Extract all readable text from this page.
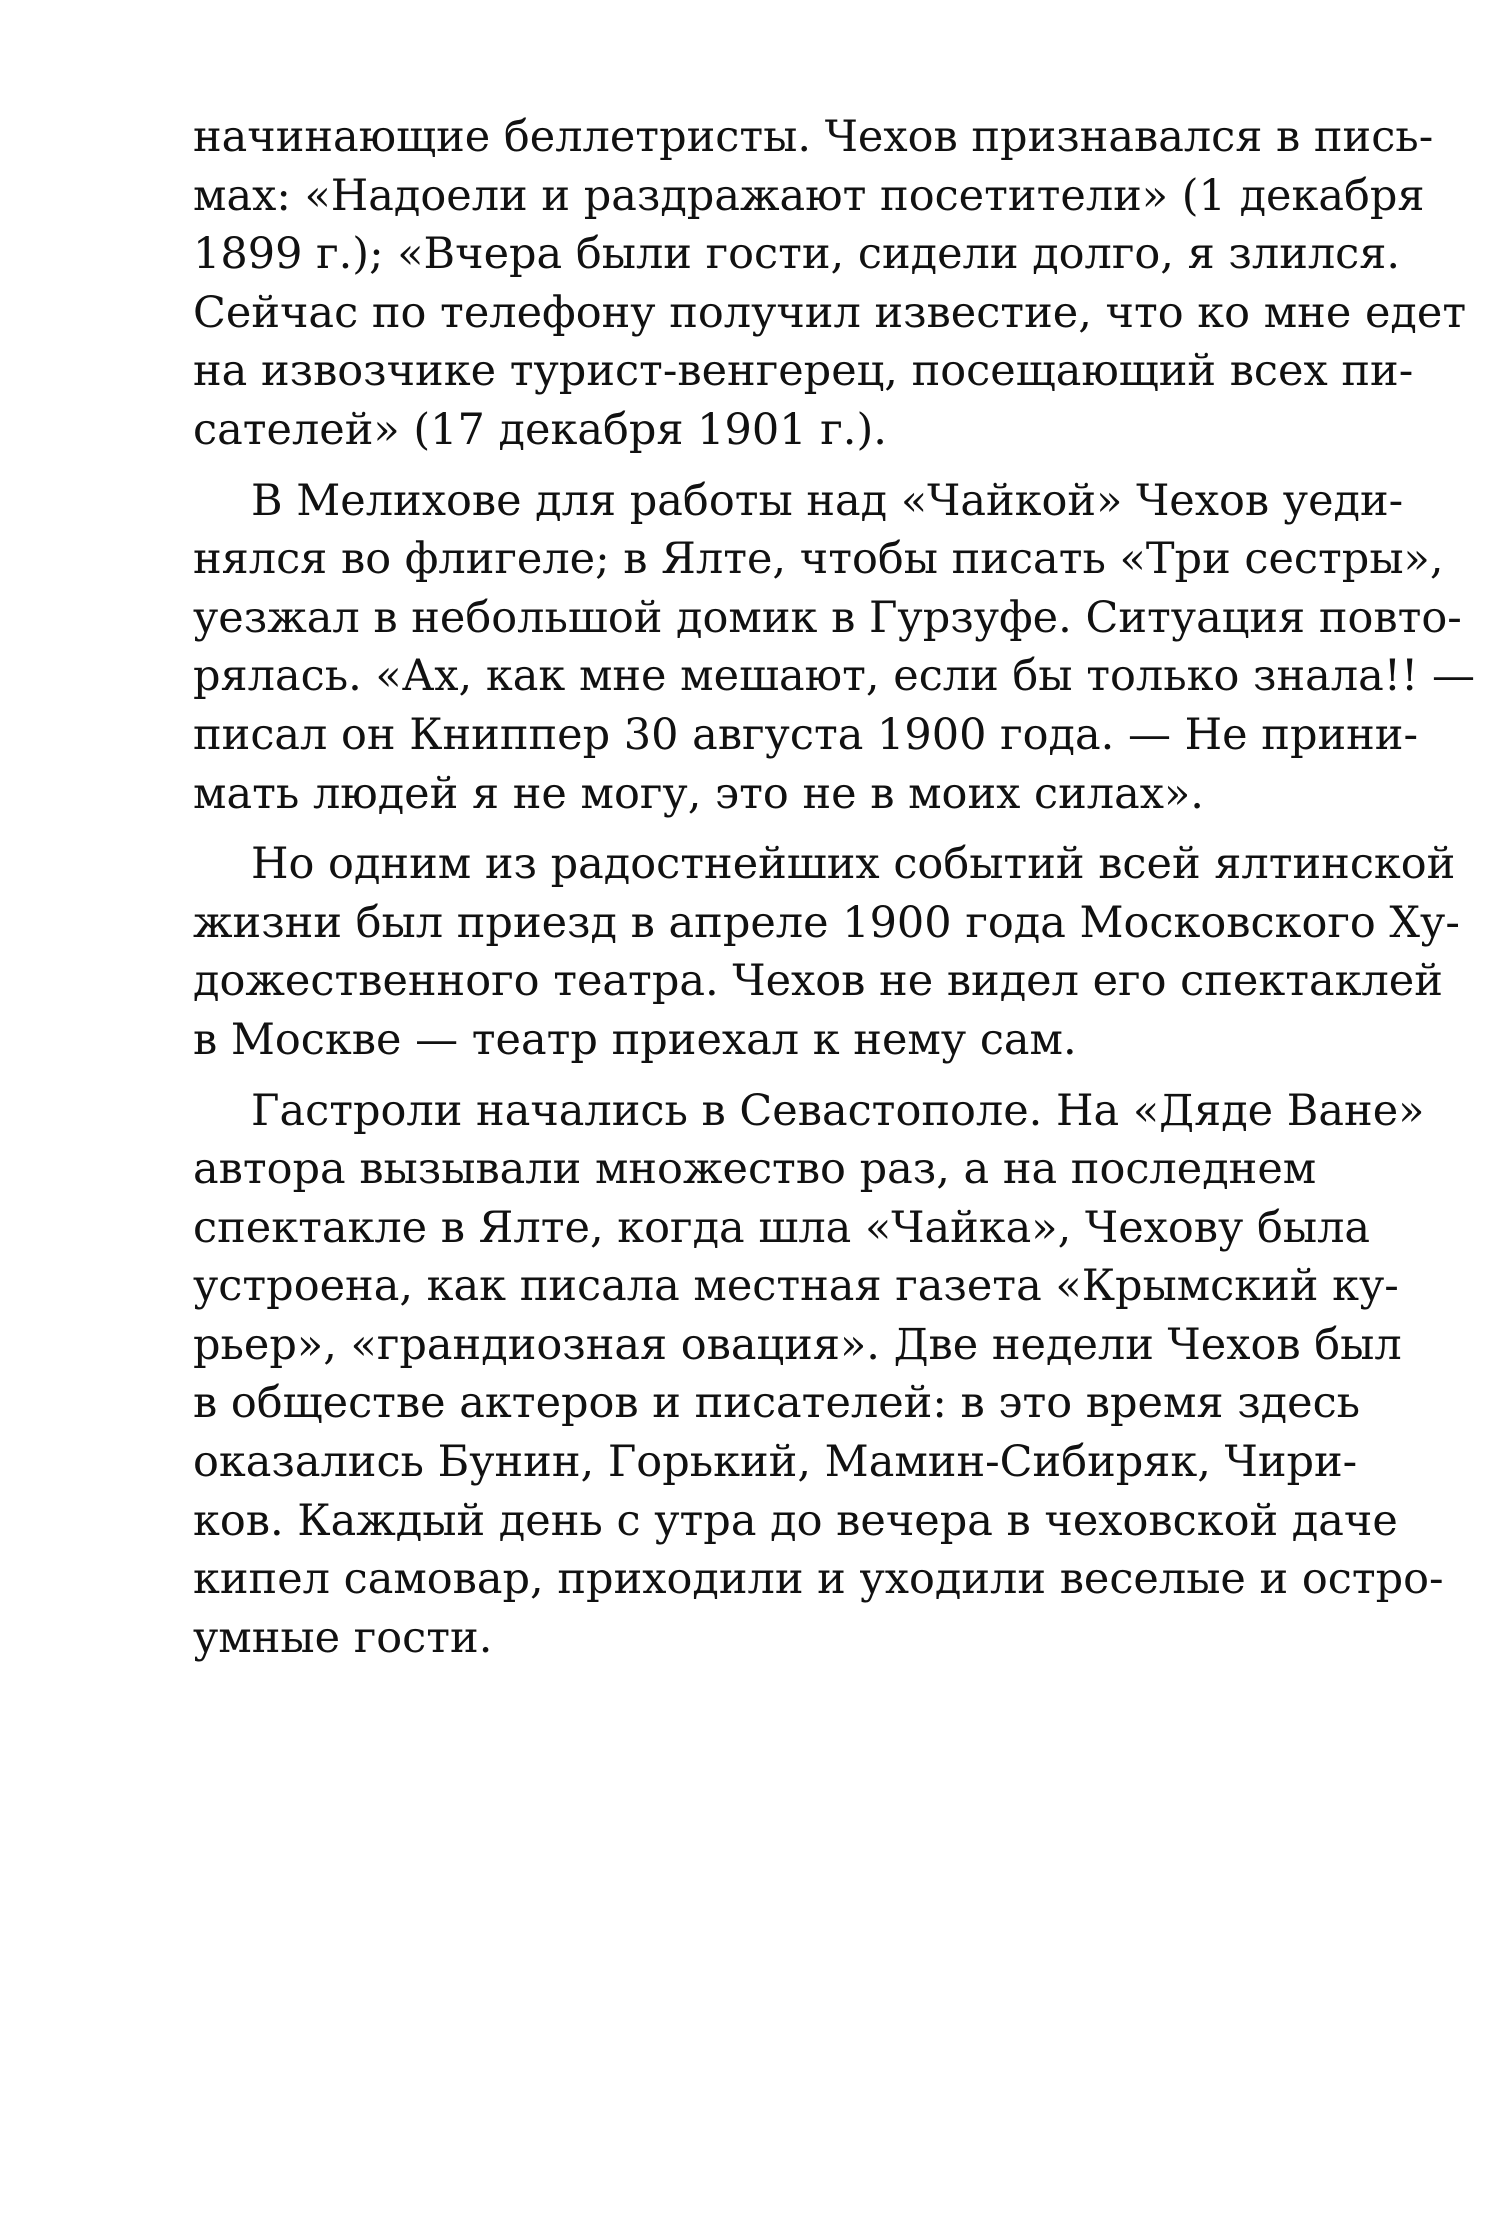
начинающие беллетристы. Чехов признавался в пись-
мах: «Надоели и раздражают посетители» (1 декабря
1899 г.); «Вчера были гости, сидели долго, я злился.
Сейчас по телефону получил известие, что ко мне едет
на извозчике турист-венгерец, посещающий всех пи-
сателей» (17 декабря 1901 г.).
В Мелихове для работы над «Чайкой» Чехов уеди-
нялся во флигеле; в Ялте, чтобы писать «Три сестры»,
уезжал в небольшой домик в Гурзуфе. Ситуация повто-
рялась. «Ах, как мне мешают, если бы только знала!! —
писал он Книппер 30 августа 1900 года. — Не прини-
мать людей я не могу, это не в моих силах».
Но одним из радостнейших событий всей ялтинской
жизни был приезд в апреле 1900 года Московского Ху-
дожественного театра. Чехов не видел его спектаклей
в Москве — театр приехал к нему сам.
Гастроли начались в Севастополе. На «Дяде Ване»
автора вызывали множество раз, а на последнем
спектакле в Ялте, когда шла «Чайка», Чехову была
устроена, как писала местная газета «Крымский ку-
рьер», «грандиозная овация». Две недели Чехов был
в обществе актеров и писателей: в это время здесь
оказались Бунин, Горький, Мамин-Сибиряк, Чири-
ков. Каждый день с утра до вечера в чеховской даче
кипел самовар, приходили и уходили веселые и остро-
умные гости.
